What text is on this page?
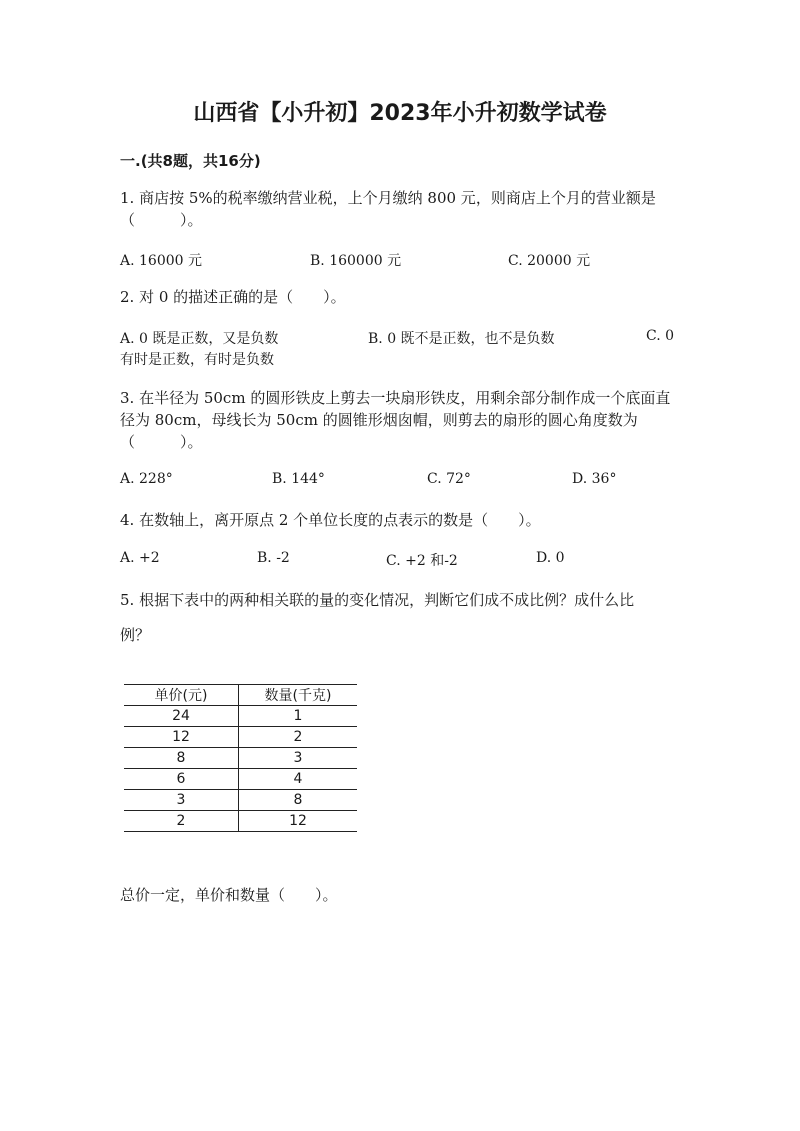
山西省【小升初】2023年小升初数学试卷
一.(共8题，共16分)
1. 商店按 5%的税率缴纳营业税，上个月缴纳 800 元，则商店上个月的营业额是（　　　）。
A. 16000 元	B. 160000 元	C. 20000 元
2. 对 0 的描述正确的是（　　）。
A. 0 既是正数，又是负数	B. 0 既不是正数，也不是负数	C. 0
有时是正数，有时是负数
3. 在半径为 50cm 的圆形铁皮上剪去一块扇形铁皮，用剩余部分制作成一个底面直径为 80cm，母线长为 50cm 的圆锥形烟囱帽，则剪去的扇形的圆心角度数为（　　　）。
A. 228°	B. 144°	C. 72°	D. 36°
4. 在数轴上，离开原点 2 个单位长度的点表示的数是（　　）。
A. +2	B. -2	C. +2 和-2	D. 0
5. 根据下表中的两种相关联的量的变化情况，判断它们成不成比例？成什么比
例？
单价(元)	数量(千克)
24	1
12	2
8	3
6	4
3	8
2	12
总价一定，单价和数量（　　）。
